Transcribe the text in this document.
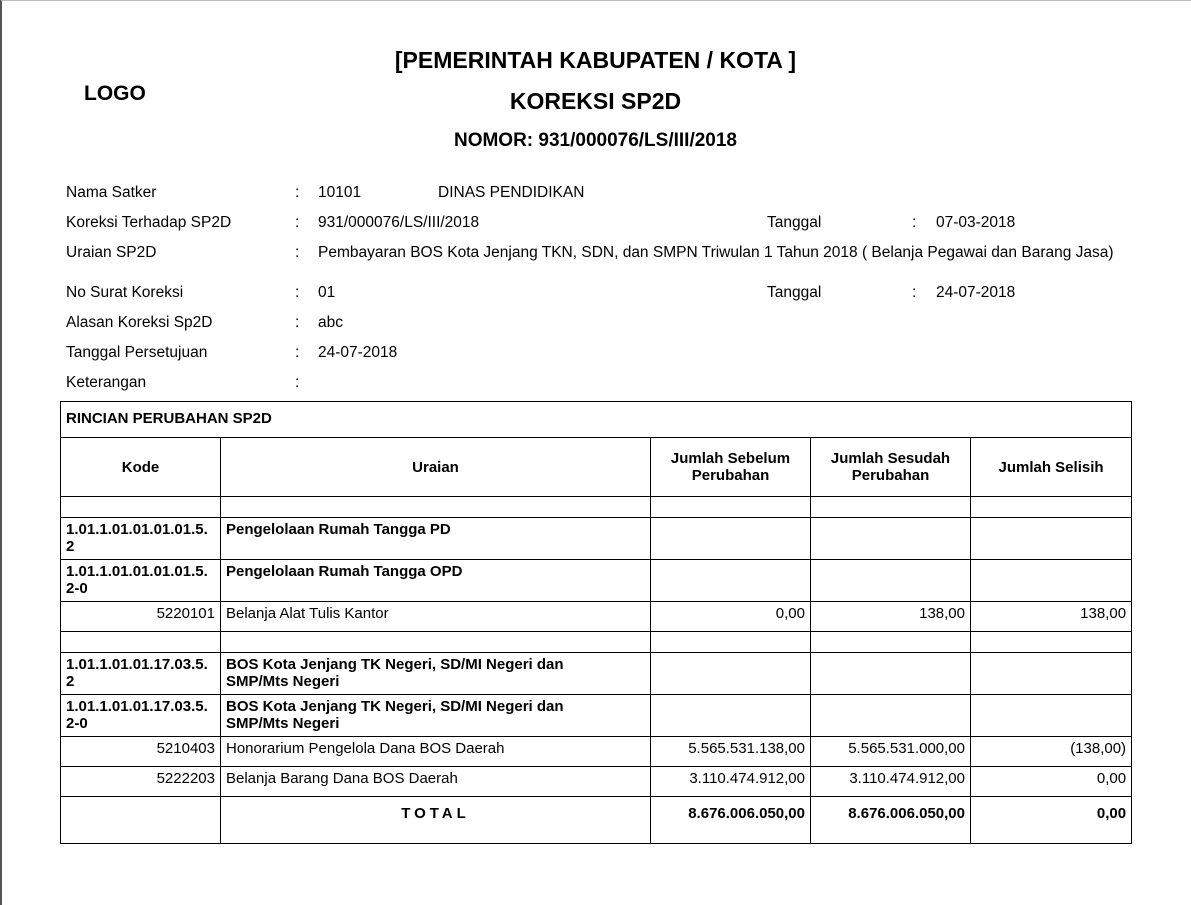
LOGO
[PEMERINTAH KABUPATEN / KOTA ]
KOREKSI SP2D
NOMOR: 931/000076/LS/III/2018
Nama Satker	: 10101	DINAS PENDIDIKAN
Koreksi Terhadap SP2D	: 931/000076/LS/III/2018	Tanggal	: 07-03-2018
Uraian SP2D	: Pembayaran BOS Kota Jenjang TKN, SDN, dan SMPN Triwulan 1 Tahun 2018 ( Belanja Pegawai dan Barang Jasa)
No Surat Koreksi	: 01	Tanggal	: 24-07-2018
Alasan Koreksi Sp2D	: abc
Tanggal Persetujuan	: 24-07-2018
Keterangan	:
RINCIAN PERUBAHAN SP2D				
Kode	Uraian	Jumlah Sebelum Perubahan	Jumlah Sesudah Perubahan	Jumlah Selisih

1.01.1.01.01.01.01.5.2	Pengelolaan Rumah Tangga PD			
1.01.1.01.01.01.01.5.2-0	Pengelolaan Rumah Tangga OPD			
5220101	Belanja Alat Tulis Kantor	0,00	138,00	138,00

1.01.1.01.01.17.03.5.2	BOS Kota Jenjang TK Negeri, SD/MI Negeri dan SMP/Mts Negeri			
1.01.1.01.01.17.03.5.2-0	BOS Kota Jenjang TK Negeri, SD/MI Negeri dan SMP/Mts Negeri			
5210403	Honorarium Pengelola Dana BOS Daerah	5.565.531.138,00	5.565.531.000,00	(138,00)
5222203	Belanja Barang Dana BOS Daerah	3.110.474.912,00	3.110.474.912,00	0,00
	TOTAL	8.676.006.050,00	8.676.006.050,00	0,00
